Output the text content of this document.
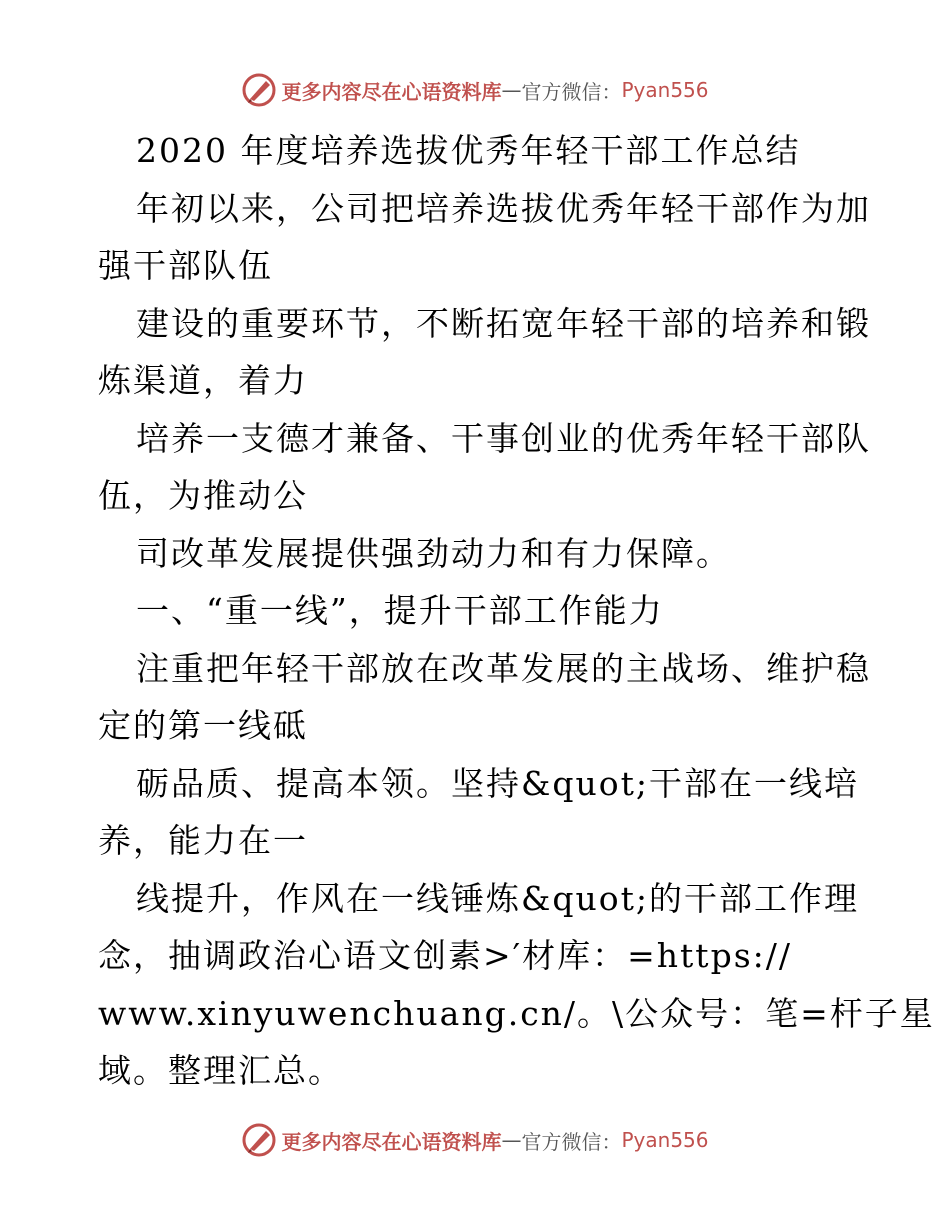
更多内容尽在心语资料库 — 官方微信： Pyan556
2020 年度培养选拔优秀年轻干部工作总结
年初以来，公司把培养选拔优秀年轻干部作为加
强干部队伍
建设的重要环节，不断拓宽年轻干部的培养和锻
炼渠道，着力
培养一支德才兼备、干事创业的优秀年轻干部队
伍，为推动公
司改革发展提供强劲动力和有力保障。
一、“重一线”，提升干部工作能力
注重把年轻干部放在改革发展的主战场、维护稳
定的第一线砥
砺品质、提高本领。坚持&quot;干部在一线培
养，能力在一
线提升，作风在一线锤炼&quot;的干部工作理
念，抽调政治心语文创素>′材库：=https://
www.xinyuwenchuang.cn/。\公众号：笔=杆子星
域。整理汇总。
更多内容尽在心语资料库 — 官方微信： Pyan556
